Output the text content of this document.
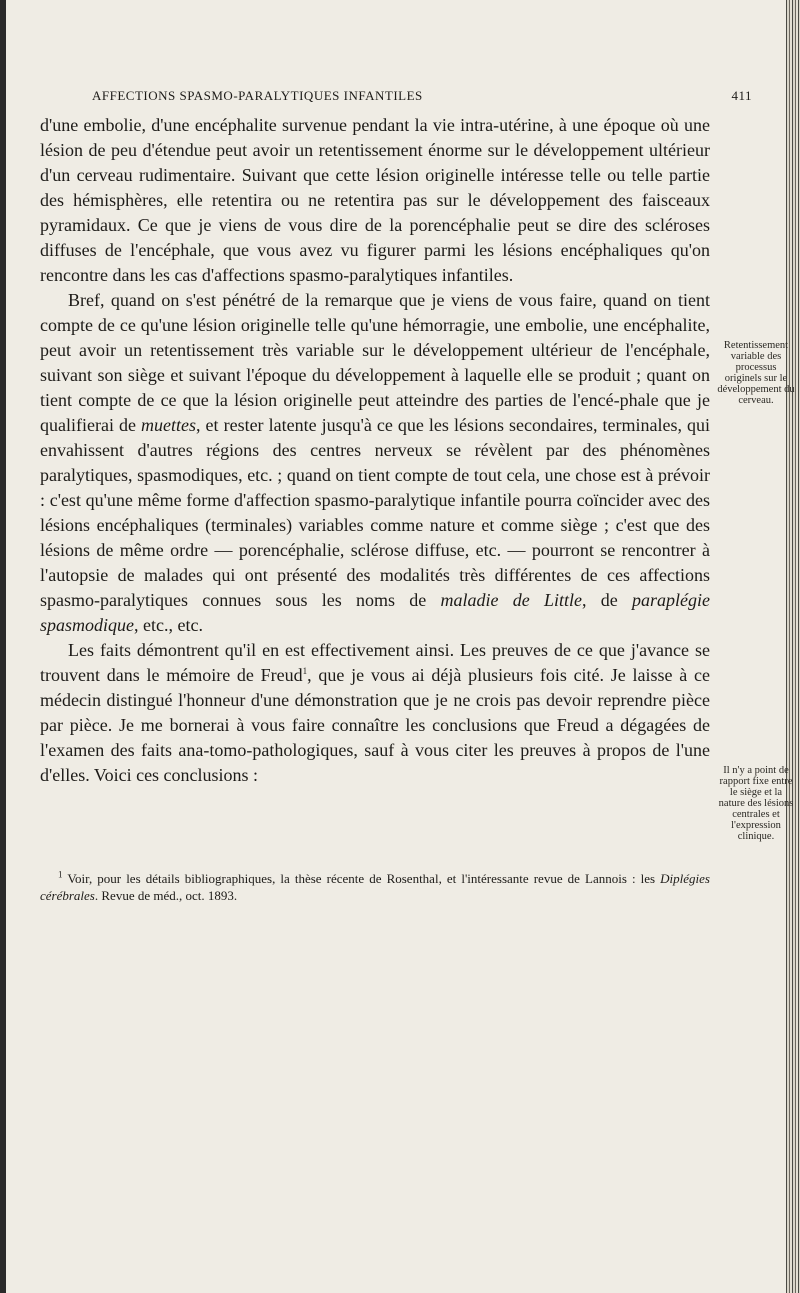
AFFECTIONS SPASMO-PARALYTIQUES INFANTILES	411

d'une embolie, d'une encéphalite survenue pendant la vie intra-utérine, à une époque où une lésion de peu d'étendue peut avoir un retentissement énorme sur le développement ultérieur d'un cerveau rudimentaire. Suivant que cette lésion originelle intéresse telle ou telle partie des hémisphères, elle retentira ou ne retentira pas sur le développement des faisceaux pyramidaux. Ce que je viens de vous dire de la porencéphalie peut se dire des scléroses diffuses de l'encéphale, que vous avez vu figurer parmi les lésions encéphaliques qu'on rencontre dans les cas d'affections spasmo-paralytiques infantiles.

Bref, quand on s'est pénétré de la remarque que je viens de vous faire, quand on tient compte de ce qu'une lésion originelle telle qu'une hémorragie, une embolie, une encéphalite, peut avoir un retentissement très variable sur le développement ultérieur de l'encéphale, suivant son siège et suivant l'époque du développement à laquelle elle se produit ; quant on tient compte de ce que la lésion originelle peut atteindre des parties de l'encé-phale que je qualifierai de muettes, et rester latente jusqu'à ce que les lésions secondaires, terminales, qui envahissent d'autres régions des centres nerveux se révèlent par des phénomènes paralytiques, spasmodiques, etc. ; quand on tient compte de tout cela, une chose est à prévoir : c'est qu'une même forme d'affection spasmo-paralytique infantile pourra coïncider avec des lésions encéphaliques (terminales) variables comme nature et comme siège ; c'est que des lésions de même ordre — porencéphalie, sclérose diffuse, etc. — pourront se rencontrer à l'autopsie de malades qui ont présenté des modalités très différentes de ces affections spasmo-paralytiques connues sous les noms de maladie de Little, de paraplégie spasmodique, etc., etc.

Les faits démontrent qu'il en est effectivement ainsi. Les preuves de ce que j'avance se trouvent dans le mémoire de Freud$^1$, que je vous ai déjà plusieurs fois cité. Je laisse à ce médecin distingué l'honneur d'une démonstration que je ne crois pas devoir reprendre pièce par pièce. Je me bornerai à vous faire connaître les conclusions que Freud a dégagées de l'examen des faits ana-tomo-pathologiques, sauf à vous citer les preuves à propos de l'une d'elles. Voici ces conclusions :

Retentissement variable des processus originels sur le développement du cerveau.
Il n'y a point de rapport fixe entre le siège et la nature des lésions centrales et l'expression clinique.

$^1$ Voir, pour les détails bibliographiques, la thèse récente de Rosenthal, et l'intéressante revue de Lannois : les Diplégies cérébrales. Revue de méd., oct. 1893.
